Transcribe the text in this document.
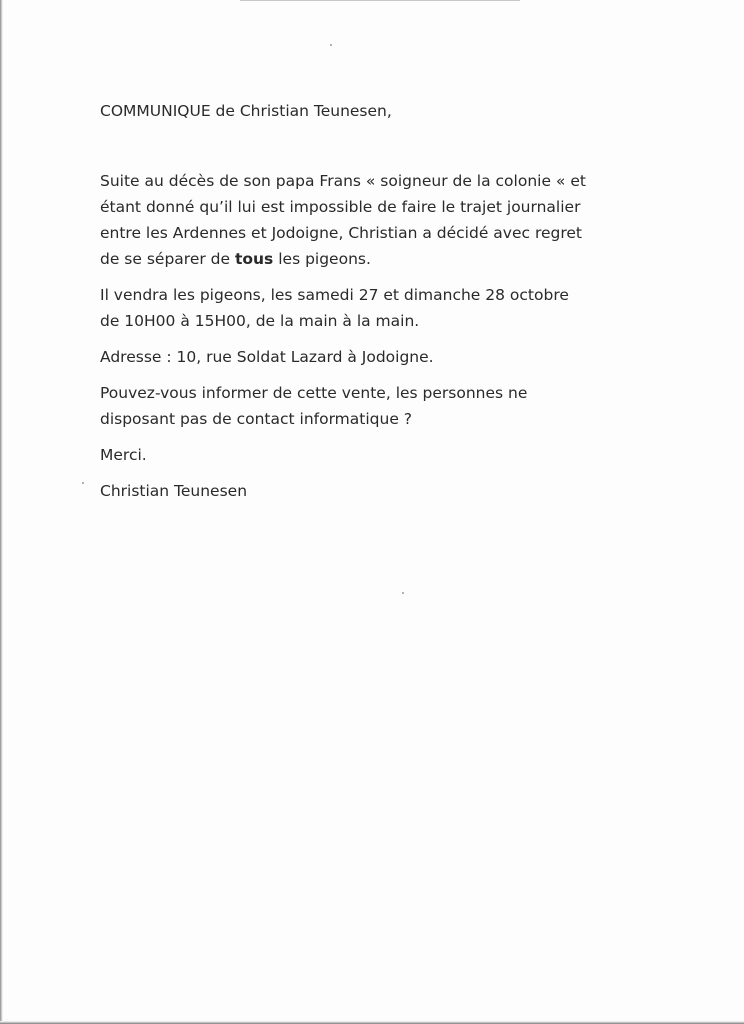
COMMUNIQUE de Christian Teunesen,

Suite au décès de son papa Frans « soigneur de la colonie « et
étant donné qu’il lui est impossible de faire le trajet journalier
entre les Ardennes et Jodoigne, Christian a décidé avec regret
de se séparer de tous les pigeons.

Il vendra les pigeons, les samedi 27 et dimanche 28 octobre
de 10H00 à 15H00, de la main à la main.

Adresse : 10, rue Soldat Lazard à Jodoigne.

Pouvez-vous informer de cette vente, les personnes ne
disposant pas de contact informatique ?

Merci.

Christian Teunesen
